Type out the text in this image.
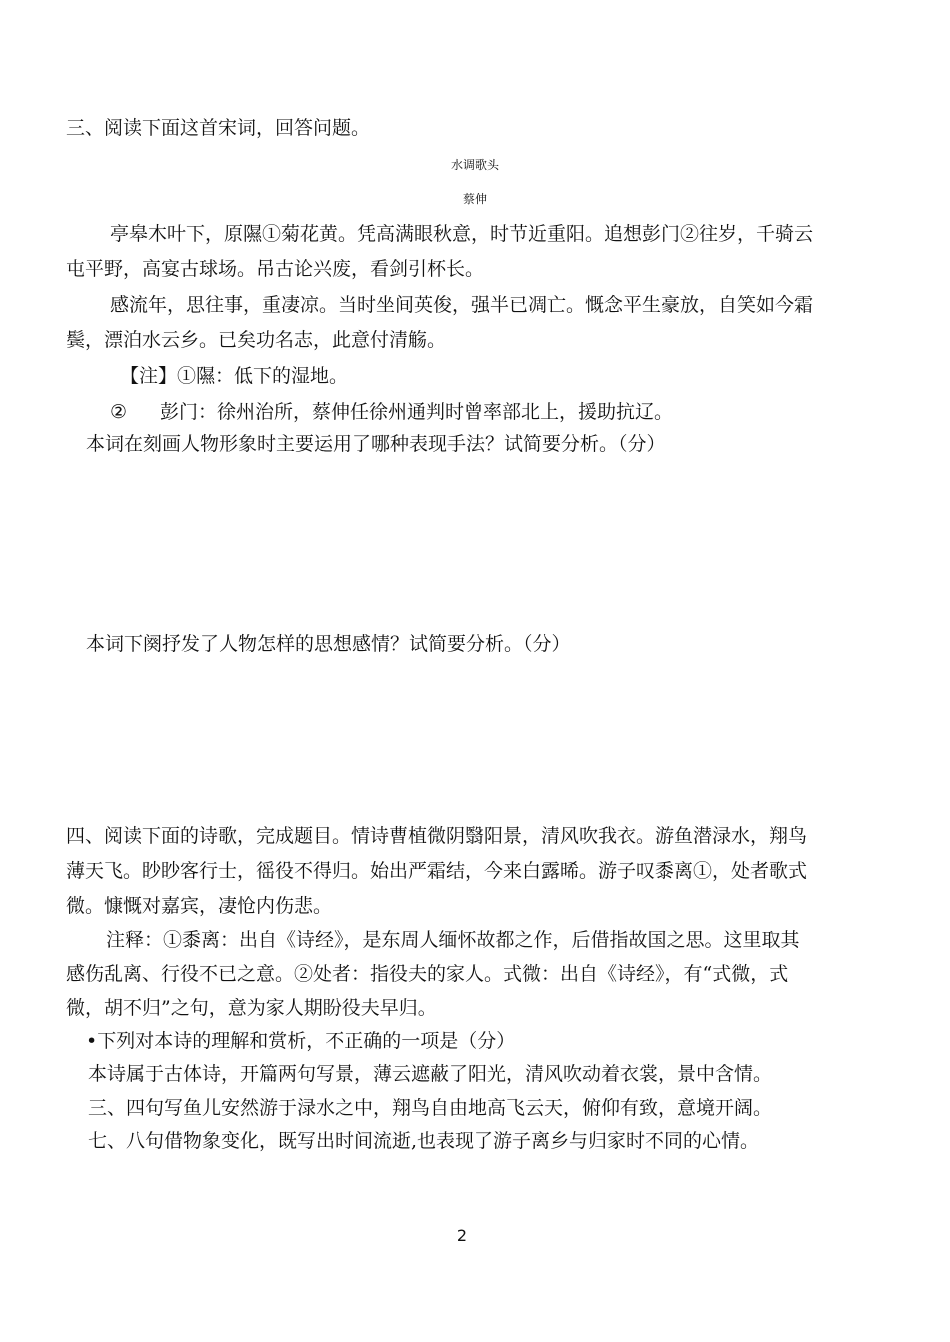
三、阅读下面这首宋词，回答问题。
水调歌头
蔡伸
亭皋木叶下，原隰①菊花黄。凭高满眼秋意，时节近重阳。追想彭门②往岁，千骑云
屯平野，高宴古球场。吊古论兴废，看剑引杯长。
感流年，思往事，重凄凉。当时坐间英俊，强半已凋亡。慨念平生豪放，自笑如今霜
鬓，漂泊水云乡。已矣功名志，此意付清觞。
【注】①隰：低下的湿地。
② 彭门：徐州治所，蔡伸任徐州通判时曾率部北上，援助抗辽。
本词在刻画人物形象时主要运用了哪种表现手法？试简要分析。（分）
本词下阕抒发了人物怎样的思想感情？试简要分析。（分）
四、阅读下面的诗歌，完成题目。情诗曹植微阴翳阳景，清风吹我衣。游鱼潜渌水，翔鸟
薄天飞。眇眇客行士，徭役不得归。始出严霜结，今来白露晞。游子叹黍离①，处者歌式
微。慷慨对嘉宾，凄怆内伤悲。
注释：①黍离：出自《诗经》，是东周人缅怀故都之作，后借指故国之思。这里取其
感伤乱离、行役不已之意。②处者：指役夫的家人。式微：出自《诗经》，有“式微，式
微，胡不归”之句，意为家人期盼役夫早归。
•下列对本诗的理解和赏析，不正确的一项是（分）
本诗属于古体诗，开篇两句写景，薄云遮蔽了阳光，清风吹动着衣裳，景中含情。
三、四句写鱼儿安然游于渌水之中，翔鸟自由地高飞云天，俯仰有致，意境开阔。
七、八句借物象变化，既写出时间流逝,也表现了游子离乡与归家时不同的心情。
2
